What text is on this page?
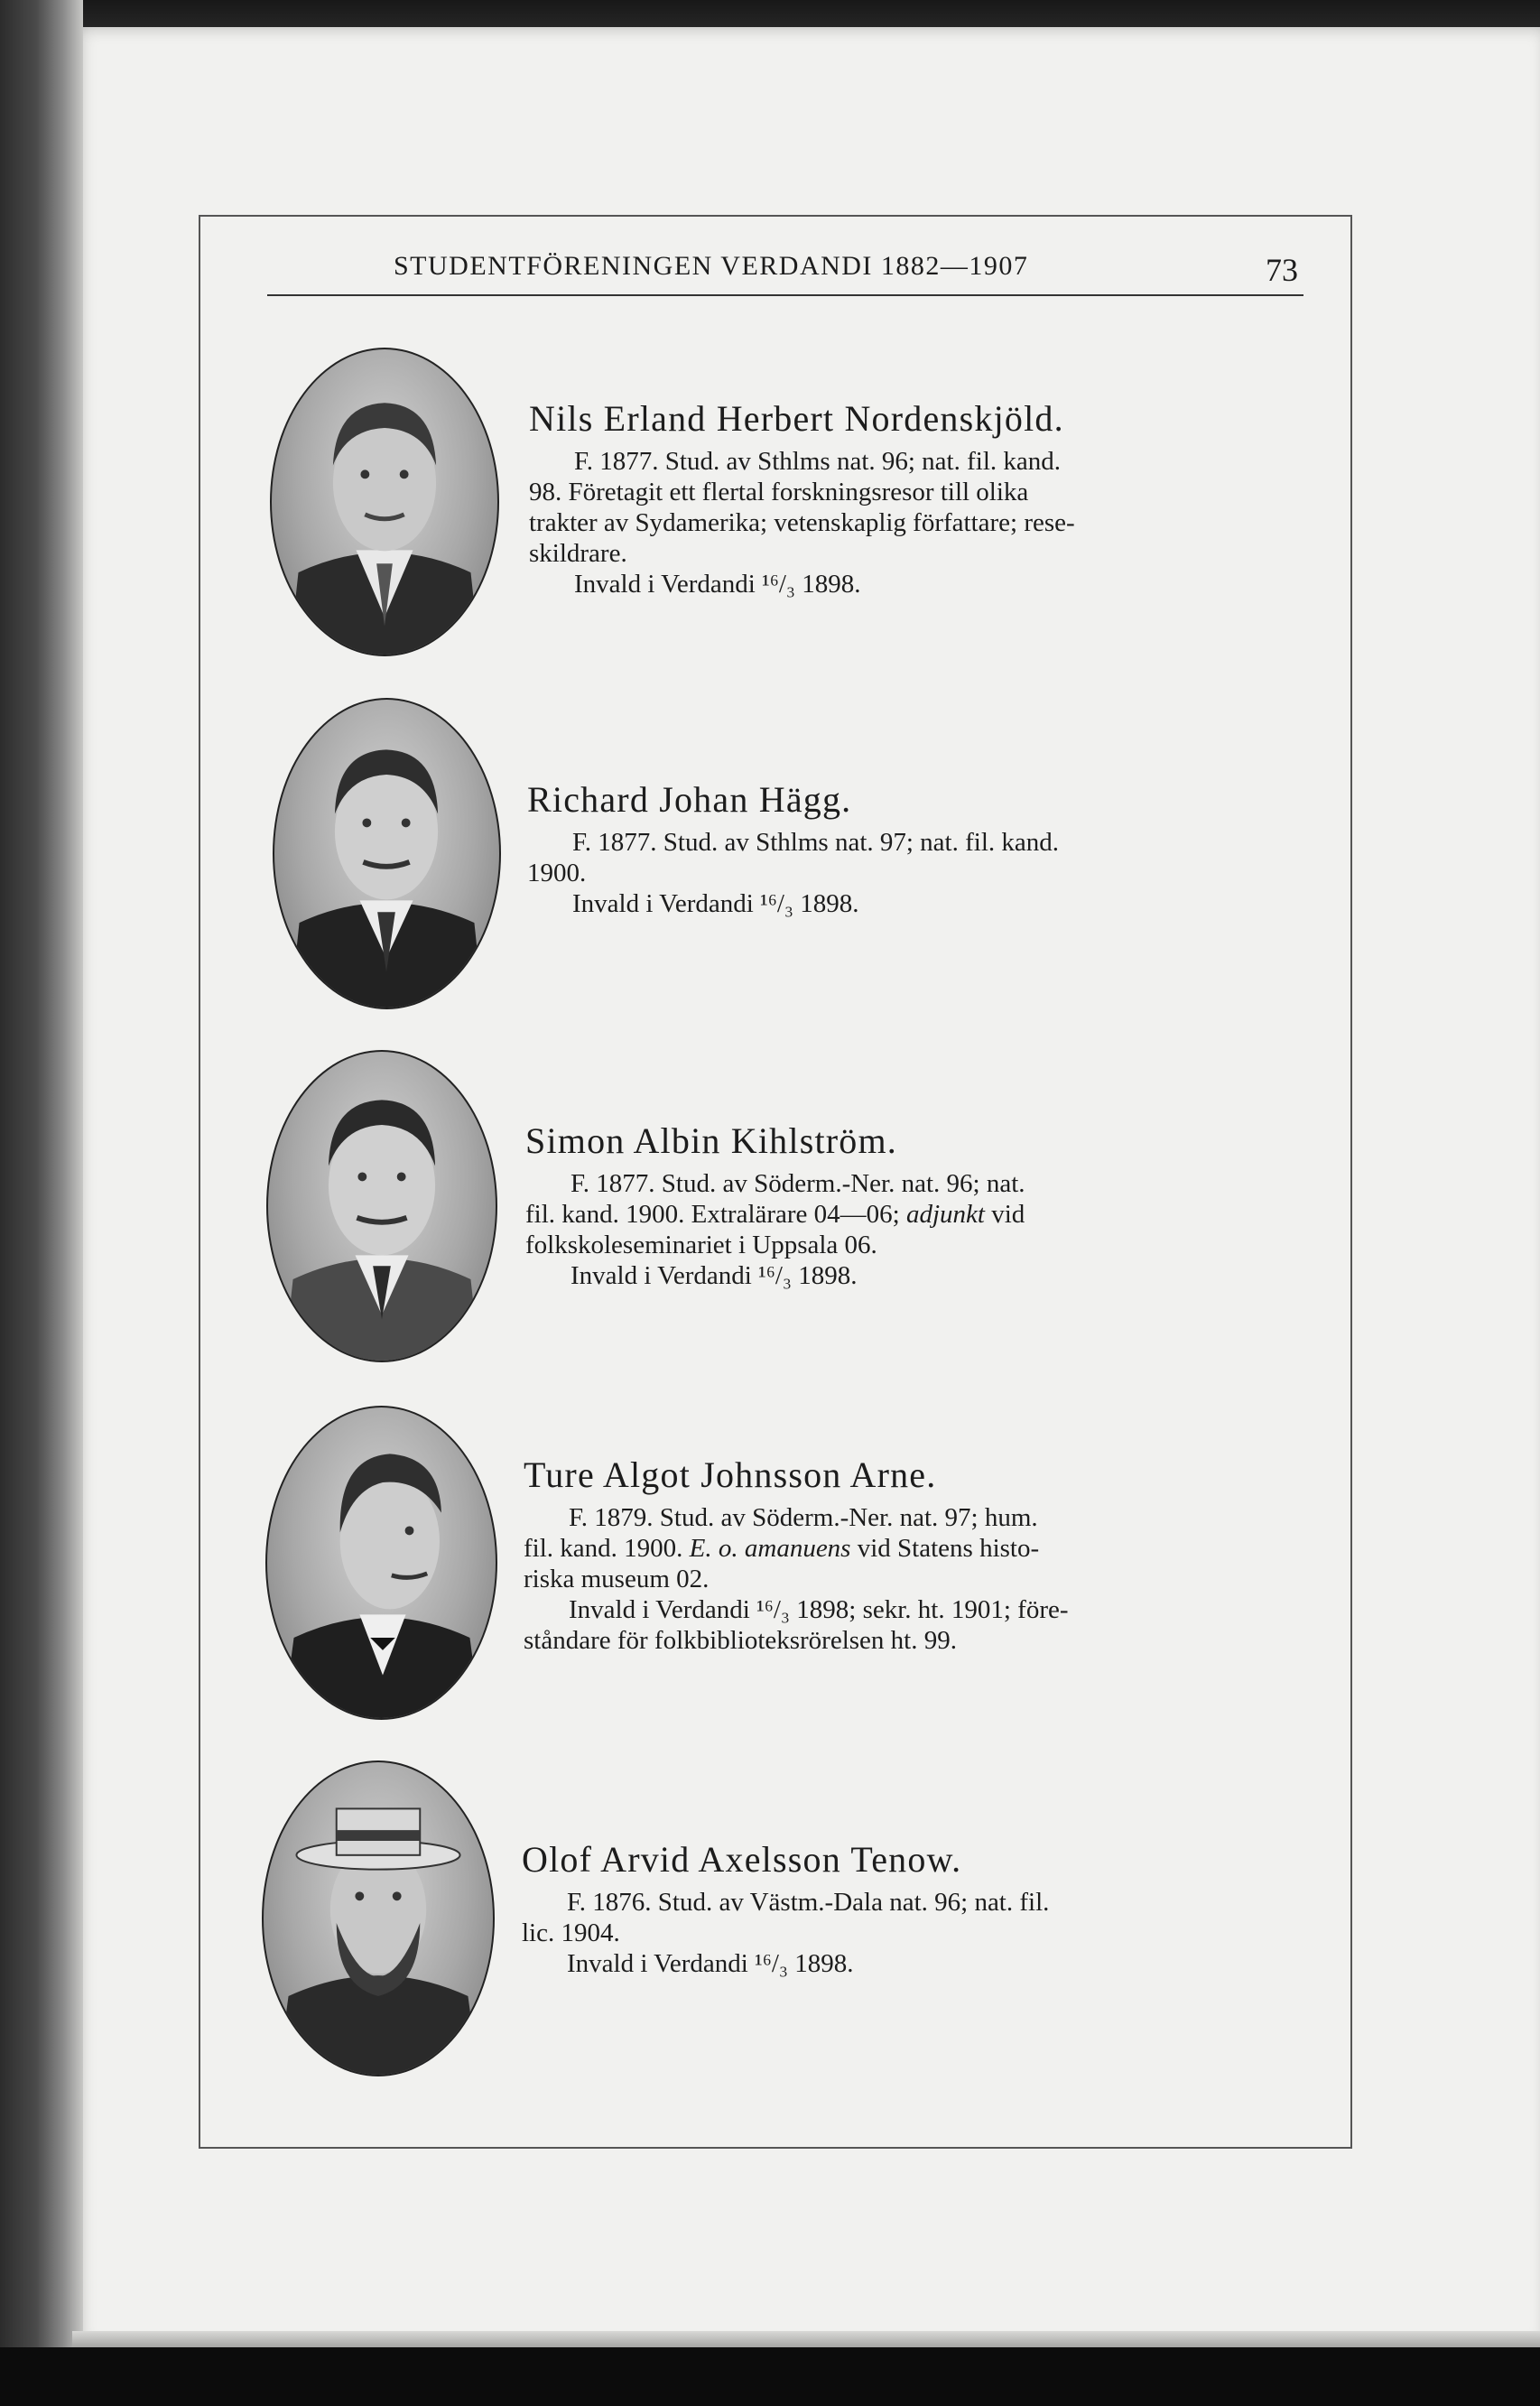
STUDENTFÖRENINGEN VERDANDI 1882—1907	73
Nils Erland Herbert Nordenskjöld.
F. 1877. Stud. av Sthlms nat. 96; nat. fil. kand.
98. Företagit ett flertal forskningsresor till olika
trakter av Sydamerika; vetenskaplig författare; rese-
skildrare.
Invald i Verdandi ¹⁶/₃ 1898.
Richard Johan Hägg.
F. 1877. Stud. av Sthlms nat. 97; nat. fil. kand.
1900.
Invald i Verdandi ¹⁶/₃ 1898.
Simon Albin Kihlström.
F. 1877. Stud. av Söderm.-Ner. nat. 96; nat.
fil. kand. 1900. Extralärare 04—06; adjunkt vid
folkskoleseminariet i Uppsala 06.
Invald i Verdandi ¹⁶/₃ 1898.
Ture Algot Johnsson Arne.
F. 1879. Stud. av Söderm.-Ner. nat. 97; hum.
fil. kand. 1900. E. o. amanuens vid Statens histo-
riska museum 02.
Invald i Verdandi ¹⁶/₃ 1898; sekr. ht. 1901; före-
ståndare för folkbiblioteksrörelsen ht. 99.
Olof Arvid Axelsson Tenow.
F. 1876. Stud. av Västm.-Dala nat. 96; nat. fil.
lic. 1904.
Invald i Verdandi ¹⁶/₃ 1898.
